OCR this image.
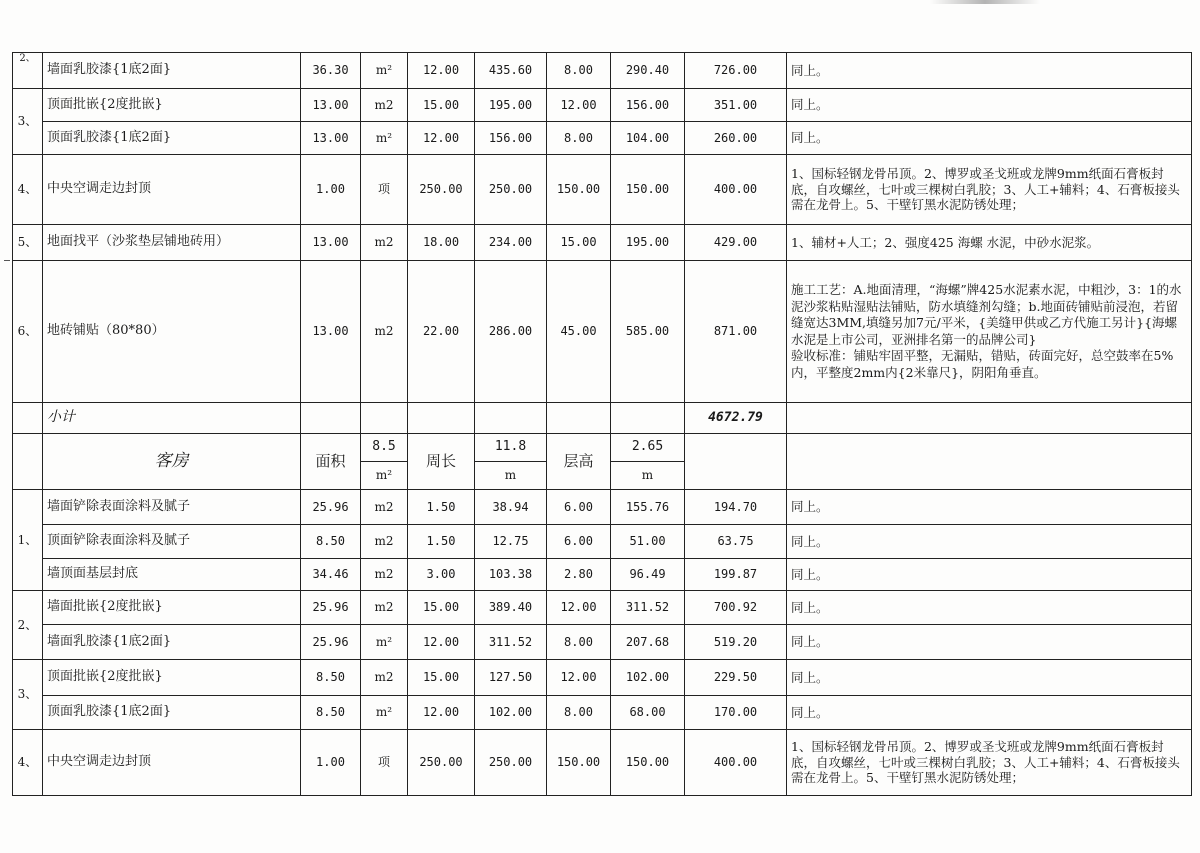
2、	墙面乳胶漆{1底2面}	36.30	m²	12.00	435.60	8.00	290.40	726.00	同上。
3、	顶面批嵌{2度批嵌}	13.00	m2	15.00	195.00	12.00	156.00	351.00	同上。
	顶面乳胶漆{1底2面}	13.00	m²	12.00	156.00	8.00	104.00	260.00	同上。
4、	中央空调走边封顶	1.00	项	250.00	250.00	150.00	150.00	400.00	1、国标轻钢龙骨吊顶。2、博罗或圣戈班或龙牌9mm纸面石膏板封底，自攻螺丝，七叶或三棵树白乳胶；3、人工+辅料；4、石膏板接头需在龙骨上。5、干壁钉黑水泥防锈处理；
5、	地面找平（沙浆垫层铺地砖用）	13.00	m2	18.00	234.00	15.00	195.00	429.00	1、辅材+人工；2、强度425 海螺 水泥，中砂水泥浆。
6、	地砖铺贴（80*80）	13.00	m2	22.00	286.00	45.00	585.00	871.00	施工工艺：A.地面清理，“海螺”牌425水泥素水泥，中粗沙，3：1的水泥沙浆粘贴湿贴法铺贴，防水填缝剂勾缝；b.地面砖铺贴前浸泡，若留缝宽达3MM,填缝另加7元/平米，{美缝甲供或乙方代施工另计}{海螺水泥是上市公司，亚洲排名第一的品牌公司}
验收标准：铺贴牢固平整，无漏贴，错贴，砖面完好，总空鼓率在5%内，平整度2mm内{2米靠尺}，阴阳角垂直。
	小计							4672.79	
	客房	面积	8.5	周长	11.8	层高	2.65		
			m²		m		m		
1、	墙面铲除表面涂料及腻子	25.96	m2	1.50	38.94	6.00	155.76	194.70	同上。
	顶面铲除表面涂料及腻子	8.50	m2	1.50	12.75	6.00	51.00	63.75	同上。
	墙顶面基层封底	34.46	m2	3.00	103.38	2.80	96.49	199.87	同上。
2、	墙面批嵌{2度批嵌}	25.96	m2	15.00	389.40	12.00	311.52	700.92	同上。
	墙面乳胶漆{1底2面}	25.96	m²	12.00	311.52	8.00	207.68	519.20	同上。
3、	顶面批嵌{2度批嵌}	8.50	m2	15.00	127.50	12.00	102.00	229.50	同上。
	顶面乳胶漆{1底2面}	8.50	m²	12.00	102.00	8.00	68.00	170.00	同上。
4、	中央空调走边封顶	1.00	项	250.00	250.00	150.00	150.00	400.00	1、国标轻钢龙骨吊顶。2、博罗或圣戈班或龙牌9mm纸面石膏板封底，自攻螺丝，七叶或三棵树白乳胶；3、人工+辅料；4、石膏板接头需在龙骨上。5、干壁钉黑水泥防锈处理；
